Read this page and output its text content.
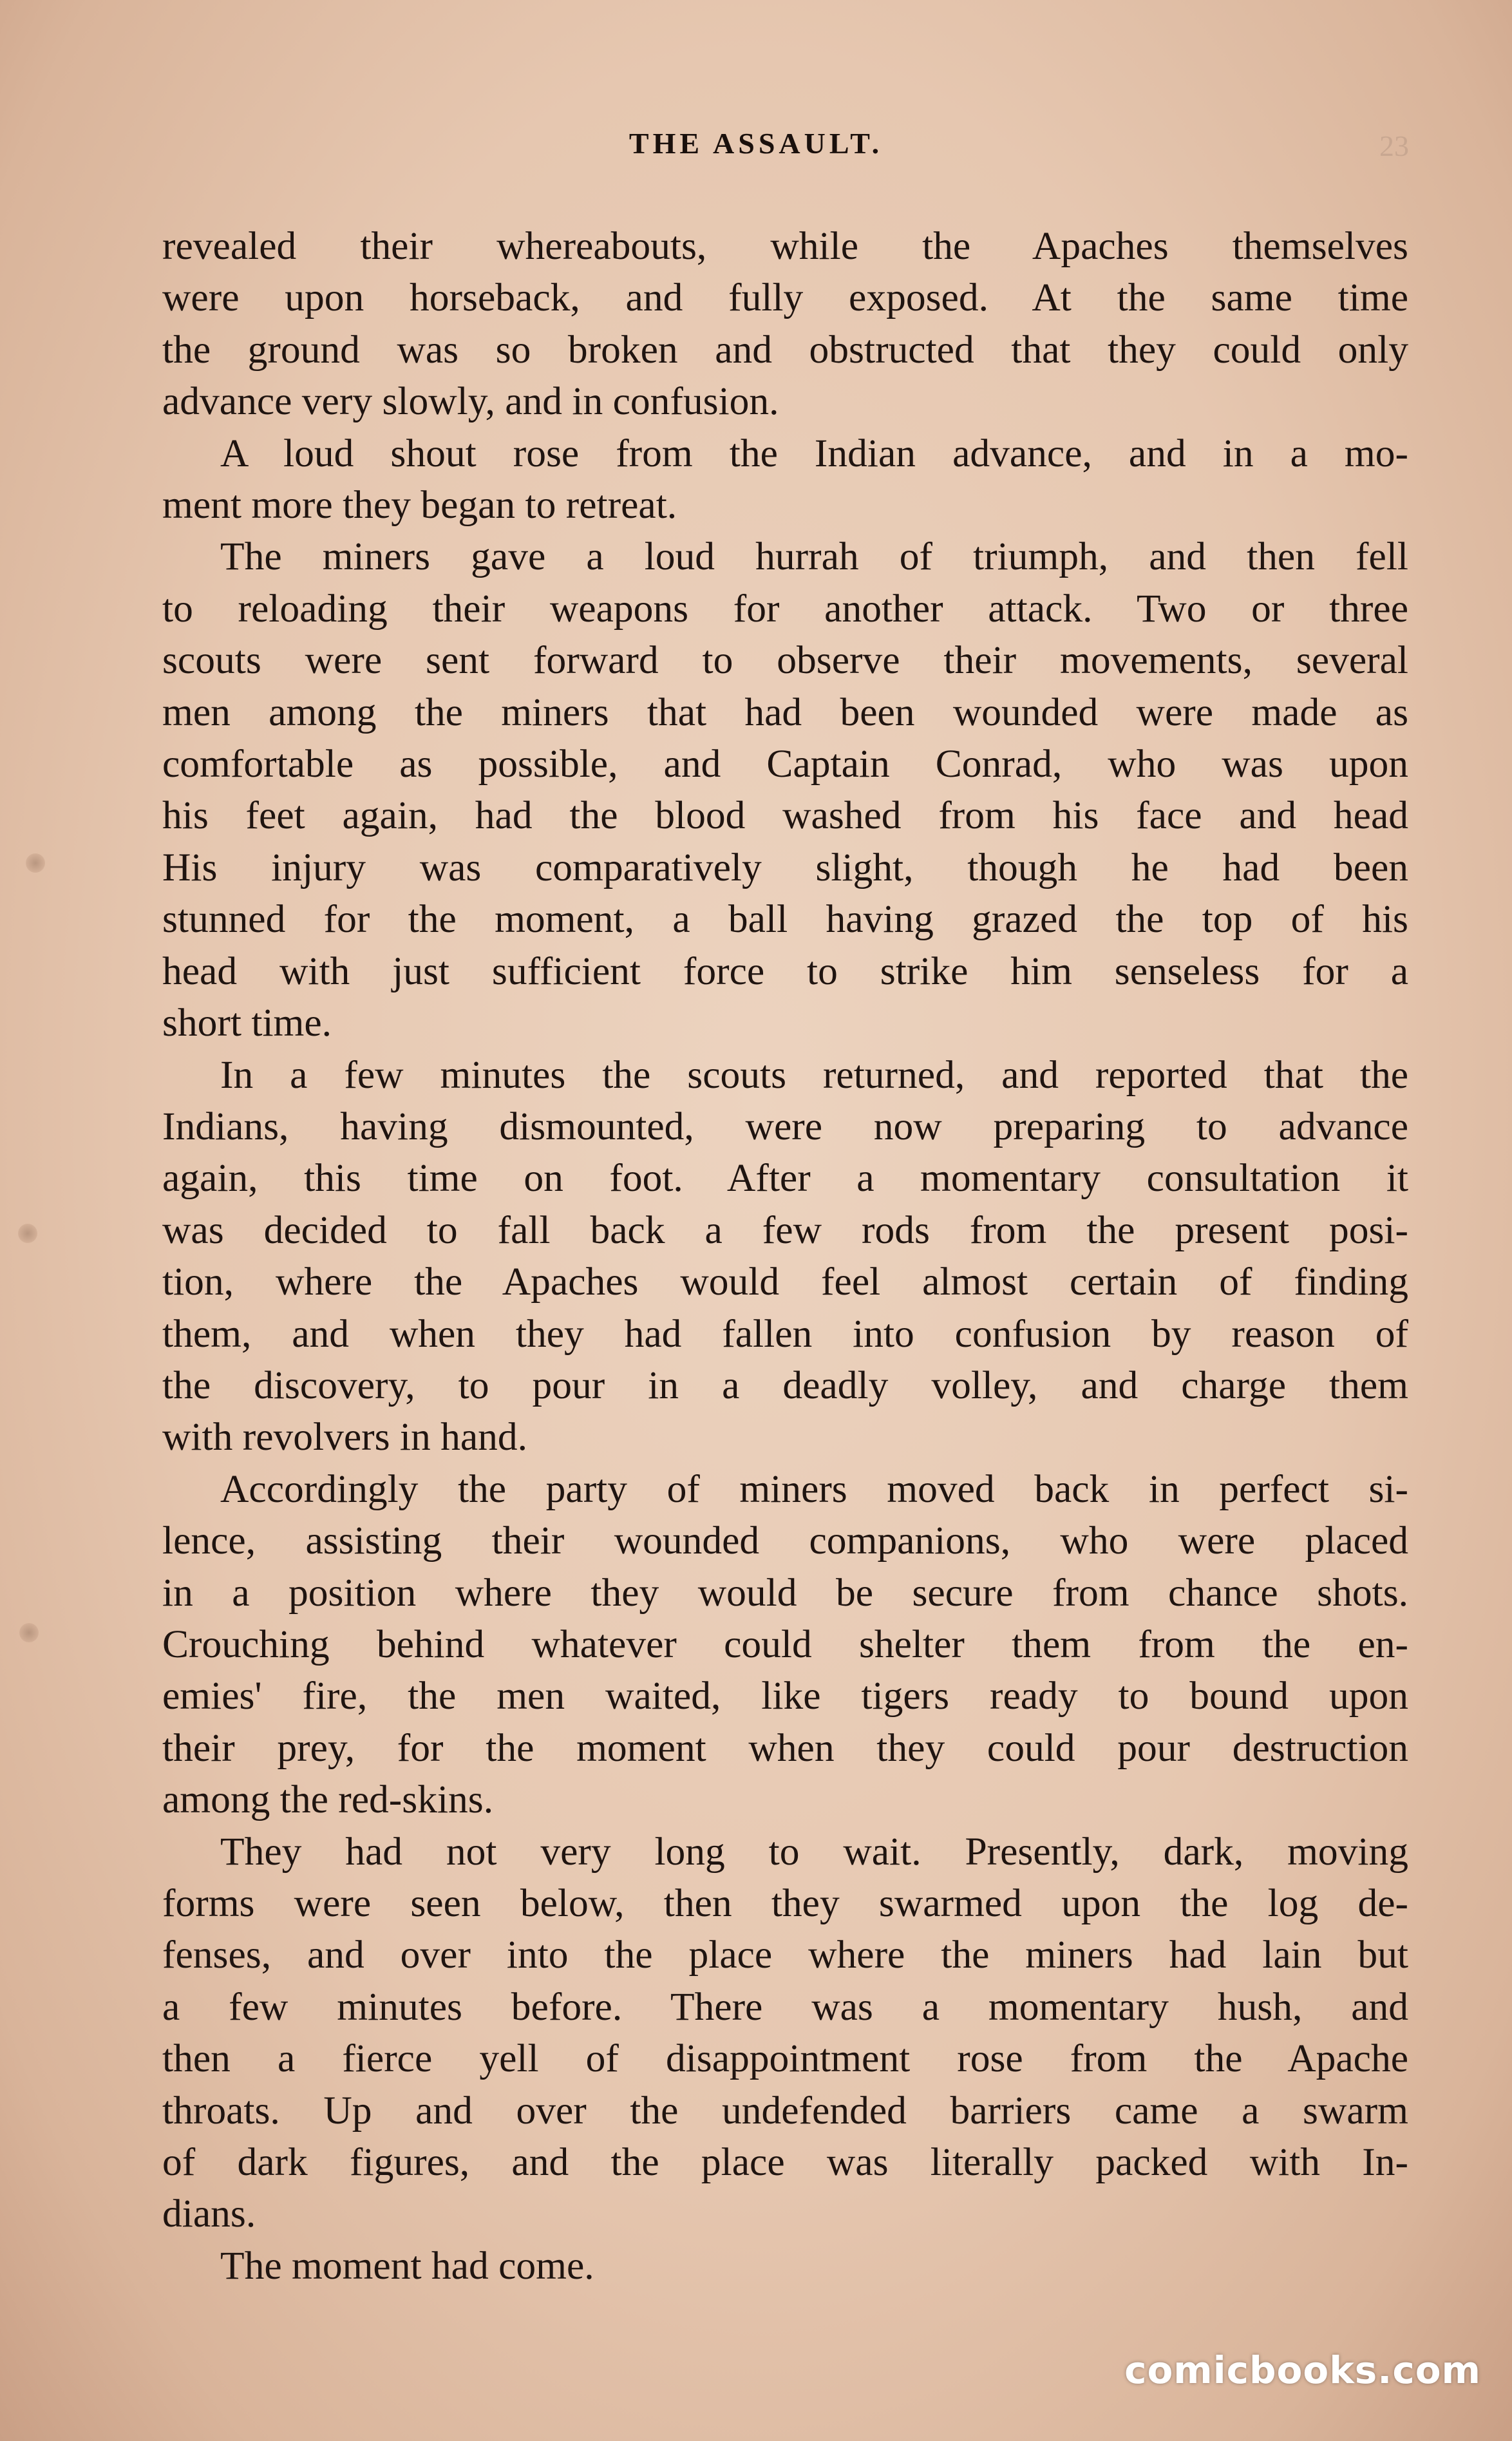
THE ASSAULT.	23

revealed their whereabouts, while the Apaches themselves
were upon horseback, and fully exposed. At the same time
the ground was so broken and obstructed that they could only
advance very slowly, and in confusion.

A loud shout rose from the Indian advance, and in a mo-
ment more they began to retreat.

The miners gave a loud hurrah of triumph, and then fell
to reloading their weapons for another attack. Two or three
scouts were sent forward to observe their movements, several
men among the miners that had been wounded were made as
comfortable as possible, and Captain Conrad, who was upon
his feet again, had the blood washed from his face and head
His injury was comparatively slight, though he had been
stunned for the moment, a ball having grazed the top of his
head with just sufficient force to strike him senseless for a
short time.

In a few minutes the scouts returned, and reported that the
Indians, having dismounted, were now preparing to advance
again, this time on foot. After a momentary consultation it
was decided to fall back a few rods from the present posi-
tion, where the Apaches would feel almost certain of finding
them, and when they had fallen into confusion by reason of
the discovery, to pour in a deadly volley, and charge them
with revolvers in hand.

Accordingly the party of miners moved back in perfect si-
lence, assisting their wounded companions, who were placed
in a position where they would be secure from chance shots.
Crouching behind whatever could shelter them from the en-
emies' fire, the men waited, like tigers ready to bound upon
their prey, for the moment when they could pour destruction
among the red-skins.

They had not very long to wait. Presently, dark, moving
forms were seen below, then they swarmed upon the log de-
fenses, and over into the place where the miners had lain but
a few minutes before. There was a momentary hush, and
then a fierce yell of disappointment rose from the Apache
throats. Up and over the undefended barriers came a swarm
of dark figures, and the place was literally packed with In-
dians.

The moment had come.

comicbooks.com
